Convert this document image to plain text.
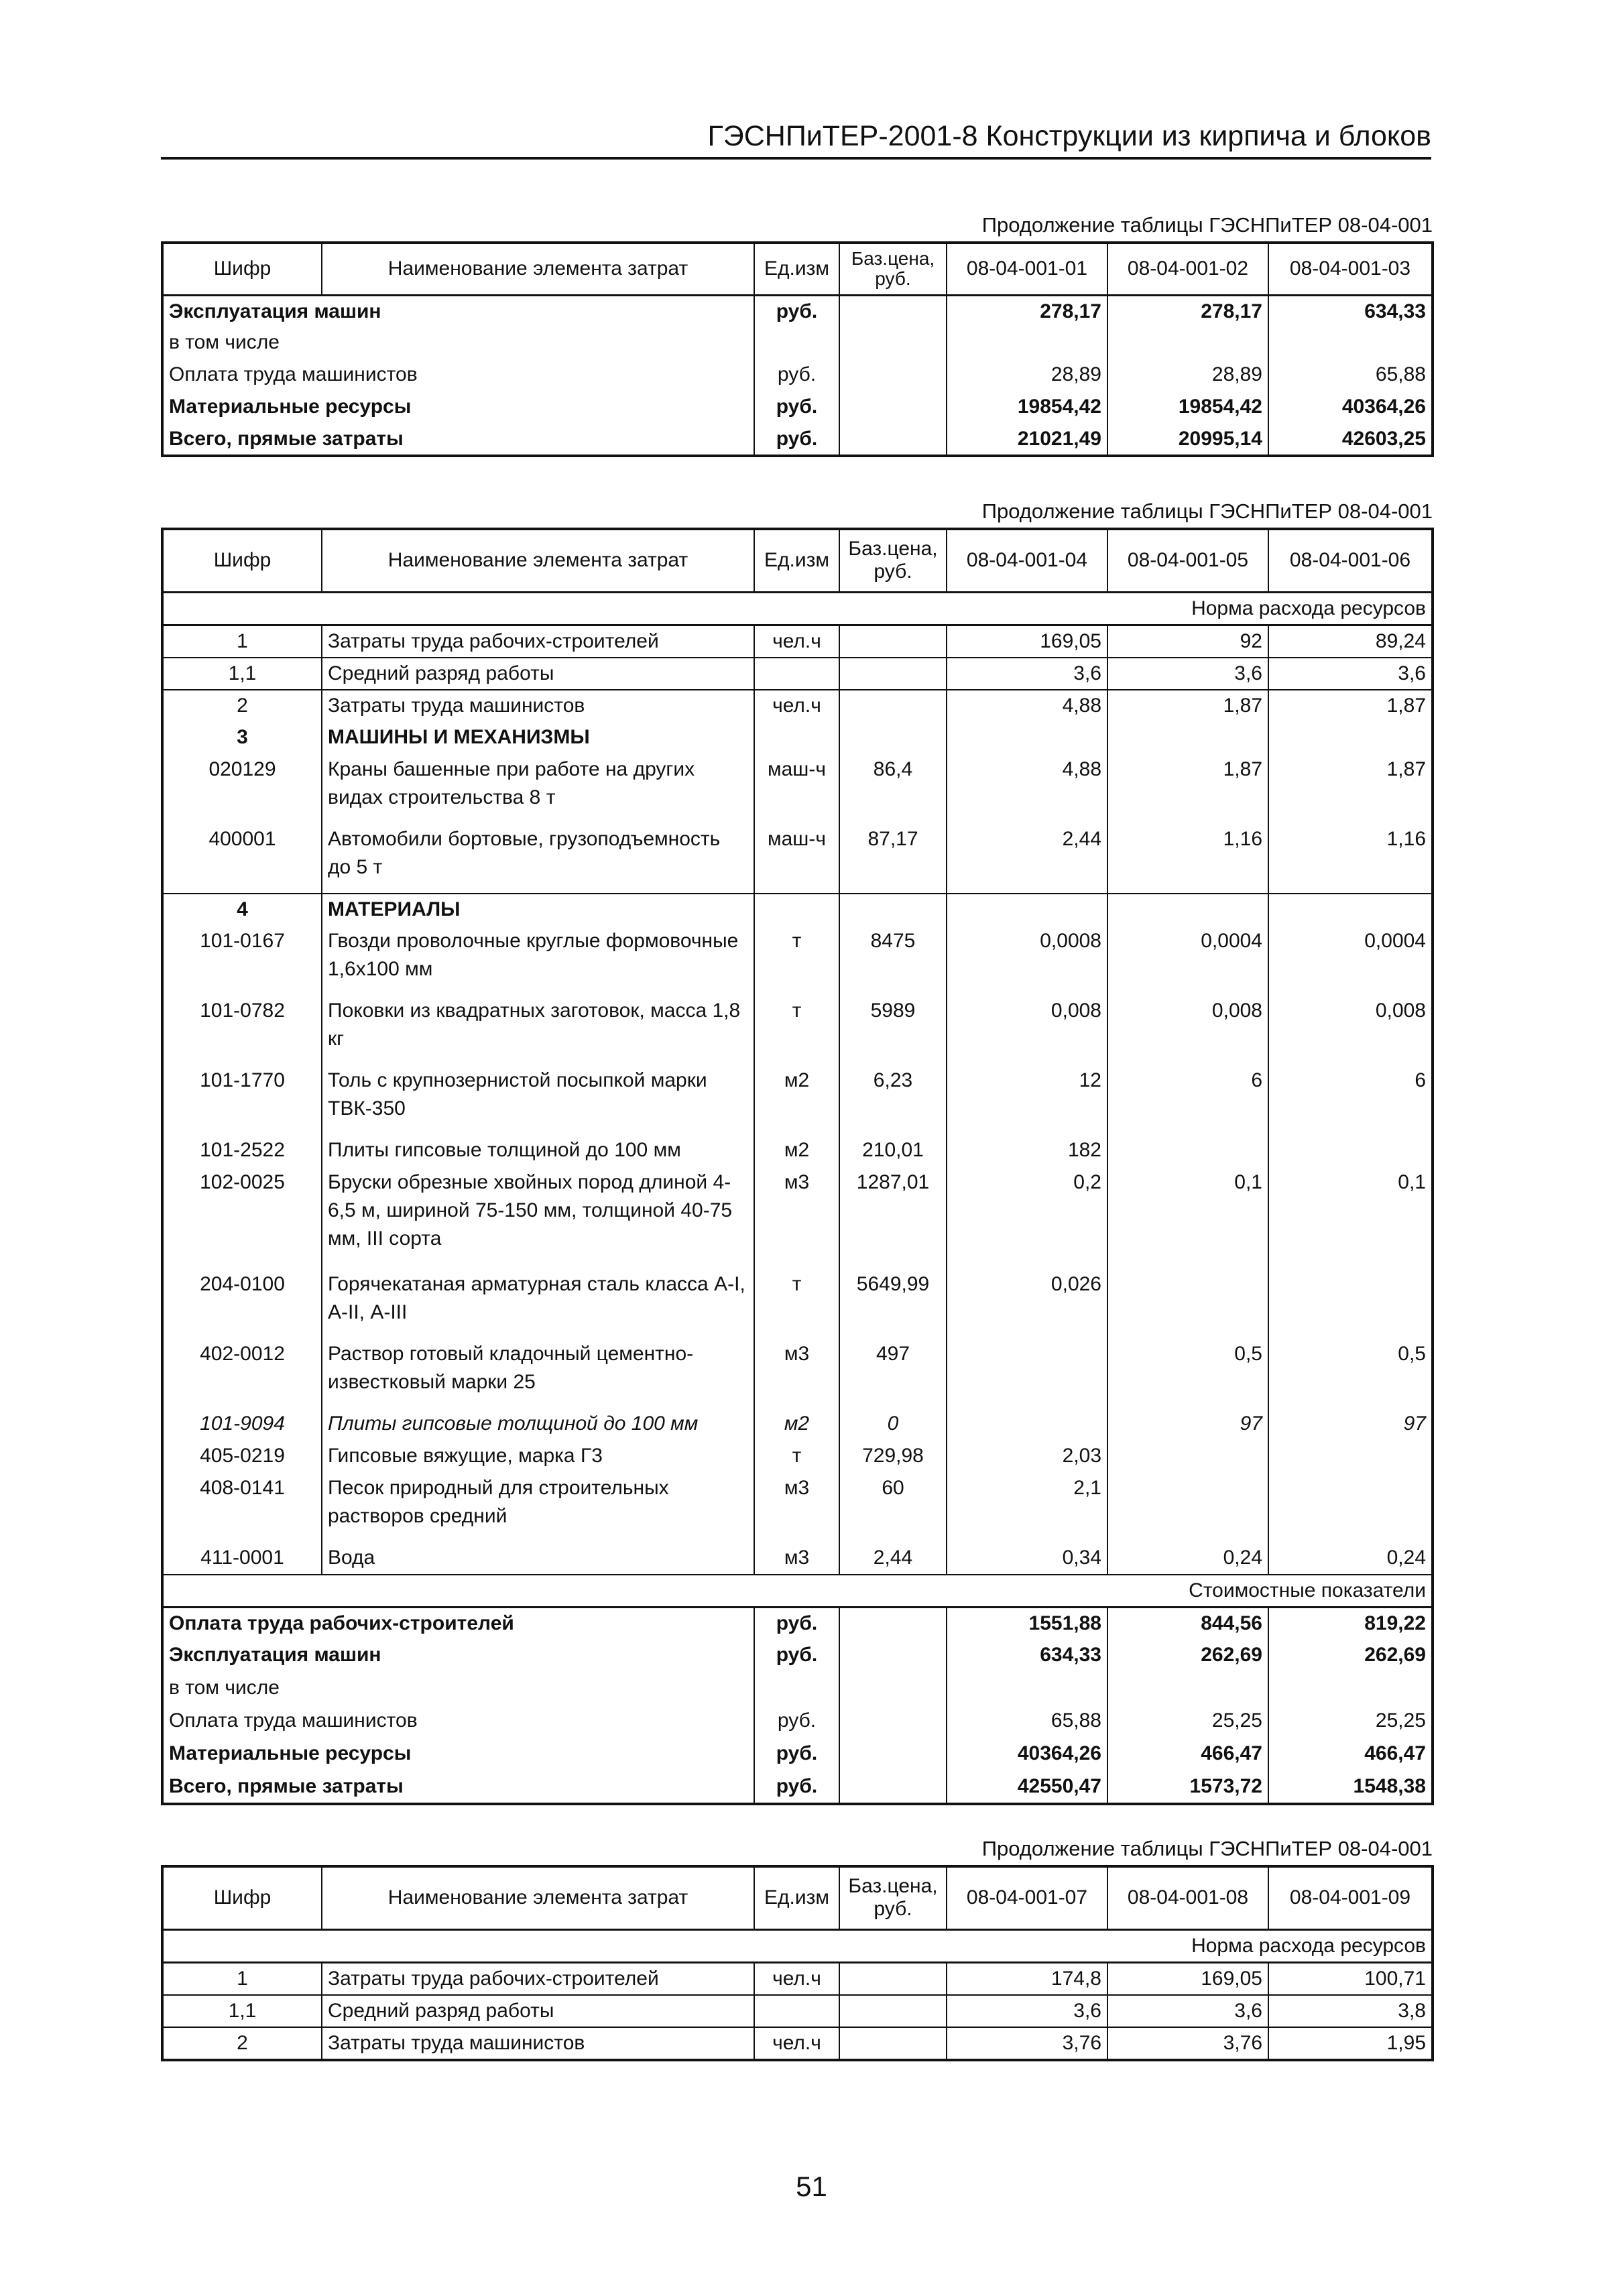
ГЭСНПиТЕР-2001-8 Конструкции из кирпича и блоков
Продолжение таблицы ГЭСНПиТЕР 08-04-001
Шифр	Наименование элемента затрат	Ед.изм	Баз.цена, руб.	08-04-001-01	08-04-001-02	08-04-001-03
Эксплуатация машин		руб.		278,17	278,17	634,33
в том числе						
Оплата труда машинистов		руб.		28,89	28,89	65,88
Материальные ресурсы		руб.		19854,42	19854,42	40364,26
Всего, прямые затраты		руб.		21021,49	20995,14	42603,25
Продолжение таблицы ГЭСНПиТЕР 08-04-001
Шифр	Наименование элемента затрат	Ед.изм	Баз.цена, руб.	08-04-001-04	08-04-001-05	08-04-001-06
Норма расхода ресурсов						
1	Затраты труда рабочих-строителей	чел.ч		169,05	92	89,24
1,1	Средний разряд работы			3,6	3,6	3,6
2	Затраты труда машинистов	чел.ч		4,88	1,87	1,87
3	МАШИНЫ И МЕХАНИЗМЫ					
020129	Краны башенные при работе на других видах строительства 8 т	маш-ч	86,4	4,88	1,87	1,87
400001	Автомобили бортовые, грузоподъемность до 5 т	маш-ч	87,17	2,44	1,16	1,16
4	МАТЕРИАЛЫ					
101-0167	Гвозди проволочные круглые формовочные 1,6х100 мм	т	8475	0,0008	0,0004	0,0004
101-0782	Поковки из квадратных заготовок, масса 1,8 кг	т	5989	0,008	0,008	0,008
101-1770	Толь с крупнозернистой посыпкой марки ТВК-350	м2	6,23	12	6	6
101-2522	Плиты гипсовые толщиной до 100 мм	м2	210,01	182		
102-0025	Бруски обрезные хвойных пород длиной 4-6,5 м, шириной 75-150 мм, толщиной 40-75 мм, III сорта	м3	1287,01	0,2	0,1	0,1
204-0100	Горячекатаная арматурная сталь класса А-I, А-II, А-III	т	5649,99	0,026		
402-0012	Раствор готовый кладочный цементно-известковый марки 25	м3	497		0,5	0,5
101-9094	Плиты гипсовые толщиной до 100 мм	м2	0		97	97
405-0219	Гипсовые вяжущие, марка Г3	т	729,98	2,03		
408-0141	Песок природный для строительных растворов средний	м3	60	2,1		
411-0001	Вода	м3	2,44	0,34	0,24	0,24
Стоимостные показатели						
Оплата труда рабочих-строителей		руб.		1551,88	844,56	819,22
Эксплуатация машин		руб.		634,33	262,69	262,69
в том числе						
Оплата труда машинистов		руб.		65,88	25,25	25,25
Материальные ресурсы		руб.		40364,26	466,47	466,47
Всего, прямые затраты		руб.		42550,47	1573,72	1548,38
Продолжение таблицы ГЭСНПиТЕР 08-04-001
Шифр	Наименование элемента затрат	Ед.изм	Баз.цена, руб.	08-04-001-07	08-04-001-08	08-04-001-09
Норма расхода ресурсов						
1	Затраты труда рабочих-строителей	чел.ч		174,8	169,05	100,71
1,1	Средний разряд работы			3,6	3,6	3,8
2	Затраты труда машинистов	чел.ч		3,76	3,76	1,95
51
